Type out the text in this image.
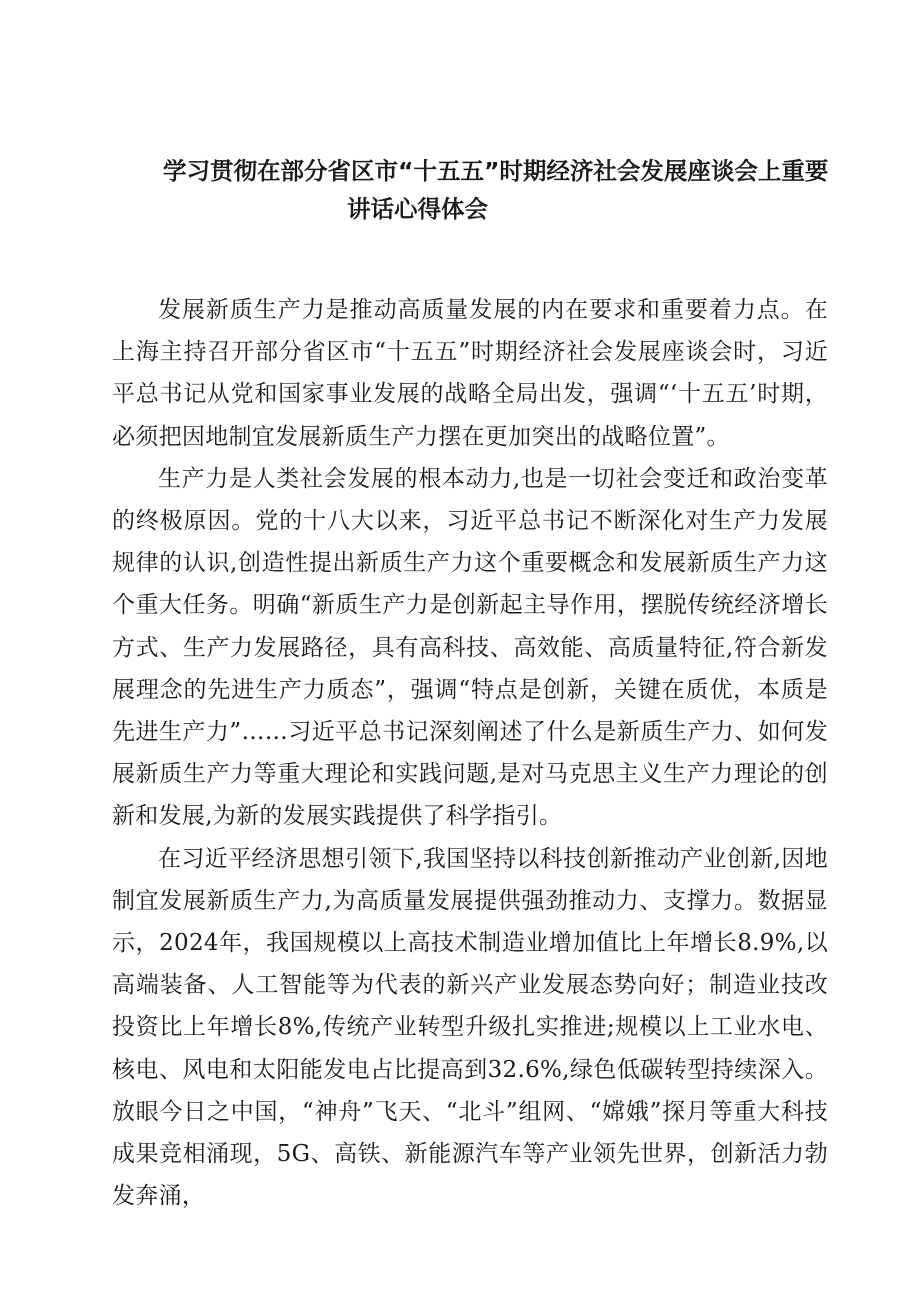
学习贯彻在部分省区市“十五五”时期经济社会发展座谈会上重要
讲话心得体会

发展新质生产力是推动高质量发展的内在要求和重要着力点。在上海主持召开部分省区市“十五五”时期经济社会发展座谈会时，习近平总书记从党和国家事业发展的战略全局出发，强调“‘十五五’时期，必须把因地制宜发展新质生产力摆在更加突出的战略位置”。

生产力是人类社会发展的根本动力,也是一切社会变迁和政治变革的终极原因。党的十八大以来，习近平总书记不断深化对生产力发展规律的认识,创造性提出新质生产力这个重要概念和发展新质生产力这个重大任务。明确“新质生产力是创新起主导作用，摆脱传统经济增长方式、生产力发展路径，具有高科技、高效能、高质量特征,符合新发展理念的先进生产力质态”，强调“特点是创新，关键在质优，本质是先进生产力”……习近平总书记深刻阐述了什么是新质生产力、如何发展新质生产力等重大理论和实践问题,是对马克思主义生产力理论的创新和发展,为新的发展实践提供了科学指引。

在习近平经济思想引领下,我国坚持以科技创新推动产业创新,因地制宜发展新质生产力,为高质量发展提供强劲推动力、支撑力。数据显示，2024年，我国规模以上高技术制造业增加值比上年增长8.9%,以高端装备、人工智能等为代表的新兴产业发展态势向好；制造业技改投资比上年增长8%,传统产业转型升级扎实推进;规模以上工业水电、核电、风电和太阳能发电占比提高到32.6%,绿色低碳转型持续深入。放眼今日之中国，“神舟”飞天、“北斗”组网、“嫦娥”探月等重大科技成果竞相涌现，5G、高铁、新能源汽车等产业领先世界，创新活力勃发奔涌，
